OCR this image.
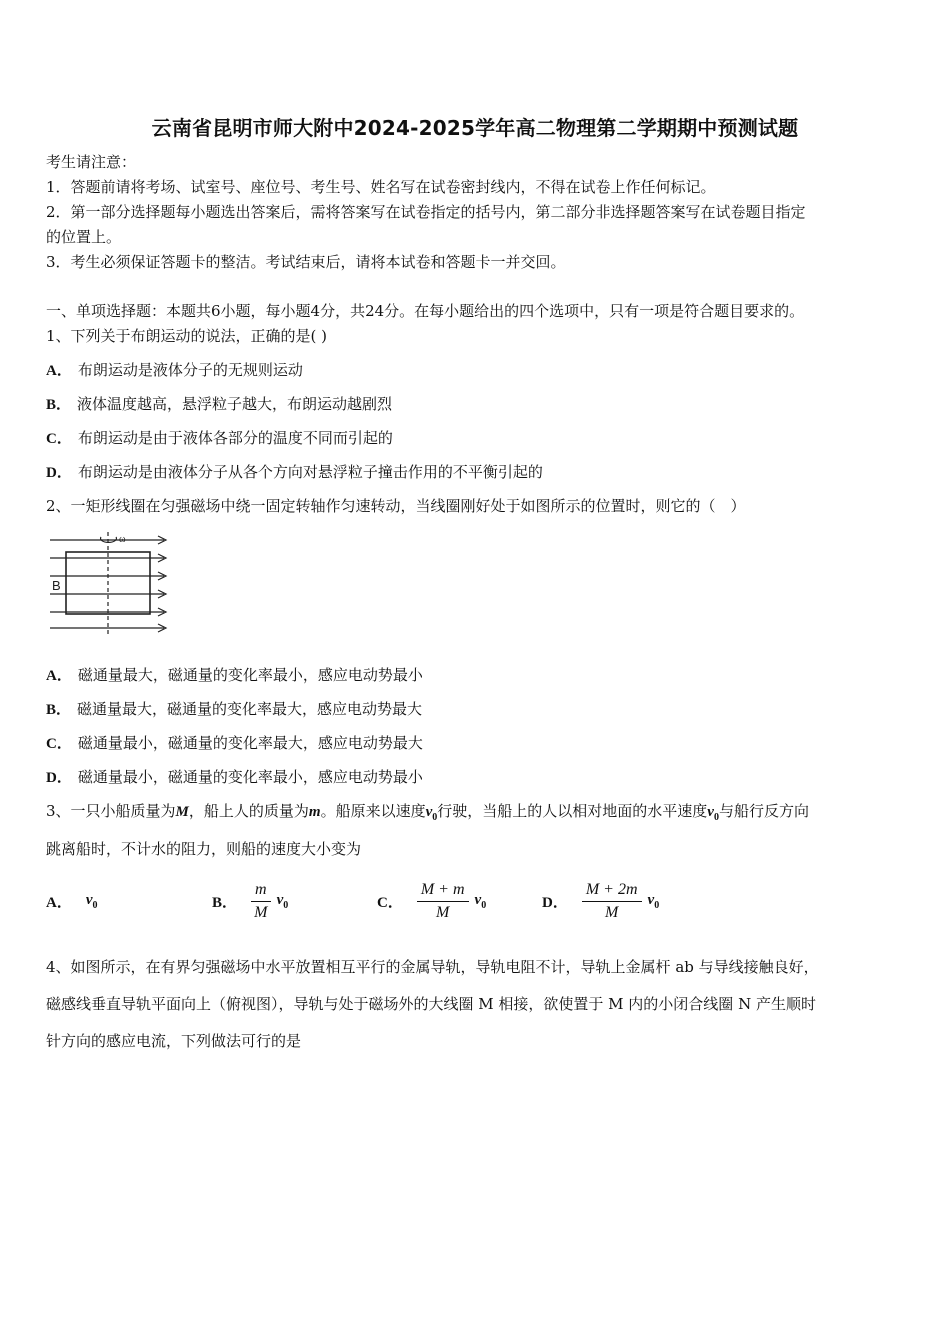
云南省昆明市师大附中2024-2025学年高二物理第二学期期中预测试题
考生请注意：
1．答题前请将考场、试室号、座位号、考生号、姓名写在试卷密封线内，不得在试卷上作任何标记。
2．第一部分选择题每小题选出答案后，需将答案写在试卷指定的括号内，第二部分非选择题答案写在试卷题目指定
的位置上。
3．考生必须保证答题卡的整洁。考试结束后，请将本试卷和答题卡一并交回。
一、单项选择题：本题共6小题，每小题4分，共24分。在每小题给出的四个选项中，只有一项是符合题目要求的。
1、下列关于布朗运动的说法，正确的是( )
A． 布朗运动是液体分子的无规则运动
B． 液体温度越高，悬浮粒子越大，布朗运动越剧烈
C． 布朗运动是由于液体各部分的温度不同而引起的
D． 布朗运动是由液体分子从各个方向对悬浮粒子撞击作用的不平衡引起的
2、一矩形线圈在匀强磁场中绕一固定转轴作匀速转动，当线圈刚好处于如图所示的位置时，则它的（　）
B
ω
A． 磁通量最大，磁通量的变化率最小，感应电动势最小
B． 磁通量最大，磁通量的变化率最大，感应电动势最大
C． 磁通量最小，磁通量的变化率最大，感应电动势最大
D． 磁通量最小，磁通量的变化率最小，感应电动势最小
3、一只小船质量为M，船上人的质量为m。船原来以速度$v_0$行驶，当船上的人以相对地面的水平速度$v_0$与船行反方向
跳离船时，不计水的阻力，则船的速度大小变为
A． $v_0$	B． $\frac{m}{M} v_0$	C． $\frac{M + m}{M} v_0$	D． $\frac{M + 2m}{M} v_0$
4、如图所示，在有界匀强磁场中水平放置相互平行的金属导轨，导轨电阻不计，导轨上金属杆 ab 与导线接触良好，
磁感线垂直导轨平面向上（俯视图），导轨与处于磁场外的大线圈 M 相接，欲使置于 M 内的小闭合线圈 N 产生顺时
针方向的感应电流，下列做法可行的是
